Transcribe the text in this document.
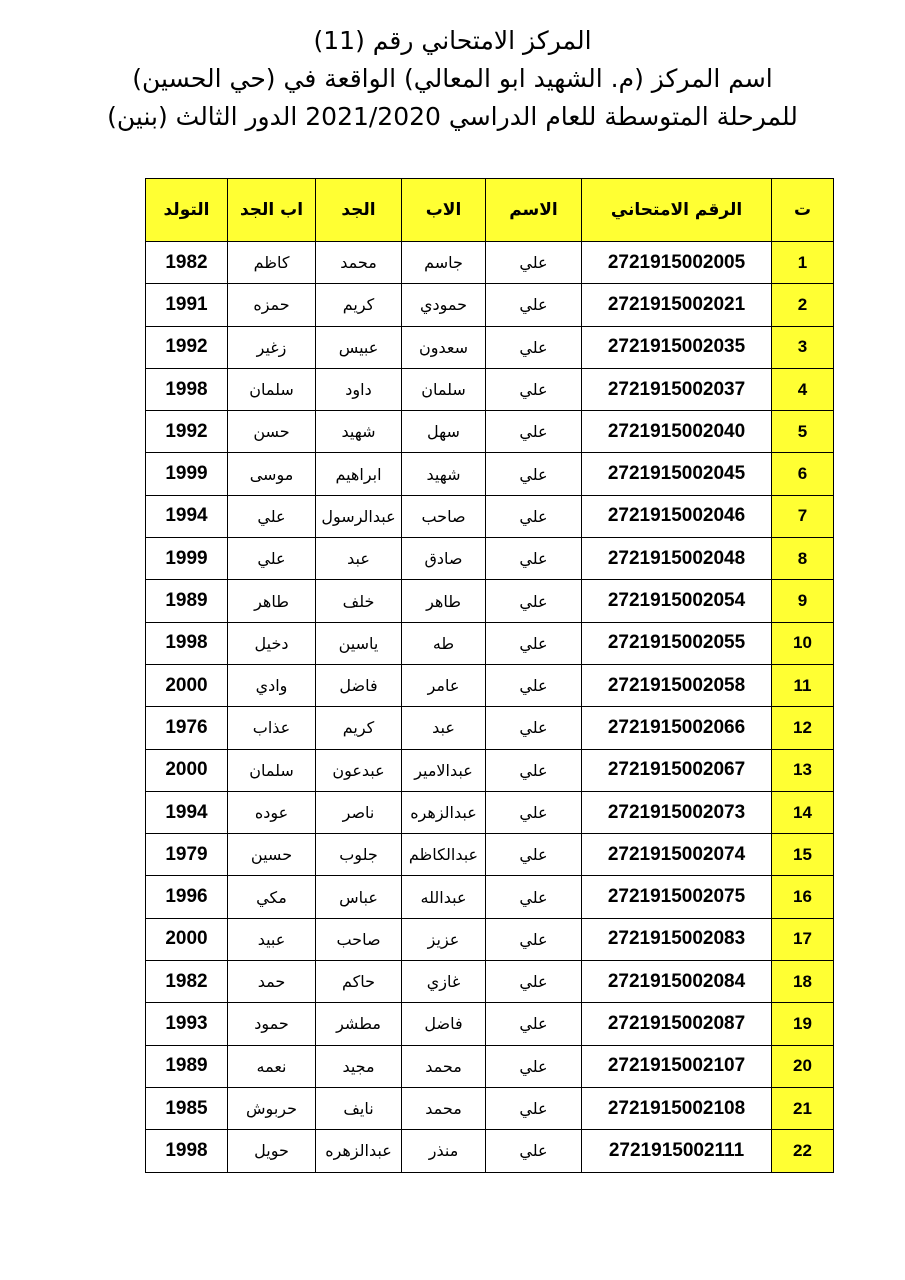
المركز الامتحاني رقم (11)
اسم المركز (م. الشهيد ابو المعالي) الواقعة في (حي الحسين)
للمرحلة المتوسطة للعام الدراسي 2021/2020 الدور الثالث (بنين)
ت	الرقم الامتحاني	الاسم	الاب	الجد	اب الجد	التولد
1	2721915002005	علي	جاسم	محمد	كاظم	1982
2	2721915002021	علي	حمودي	كريم	حمزه	1991
3	2721915002035	علي	سعدون	عبيس	زغير	1992
4	2721915002037	علي	سلمان	داود	سلمان	1998
5	2721915002040	علي	سهل	شهيد	حسن	1992
6	2721915002045	علي	شهيد	ابراهيم	موسى	1999
7	2721915002046	علي	صاحب	عبدالرسول	علي	1994
8	2721915002048	علي	صادق	عبد	علي	1999
9	2721915002054	علي	طاهر	خلف	طاهر	1989
10	2721915002055	علي	طه	ياسين	دخيل	1998
11	2721915002058	علي	عامر	فاضل	وادي	2000
12	2721915002066	علي	عبد	كريم	عذاب	1976
13	2721915002067	علي	عبدالامير	عبدعون	سلمان	2000
14	2721915002073	علي	عبدالزهره	ناصر	عوده	1994
15	2721915002074	علي	عبدالكاظم	جلوب	حسين	1979
16	2721915002075	علي	عبدالله	عباس	مكي	1996
17	2721915002083	علي	عزيز	صاحب	عبيد	2000
18	2721915002084	علي	غازي	حاكم	حمد	1982
19	2721915002087	علي	فاضل	مطشر	حمود	1993
20	2721915002107	علي	محمد	مجيد	نعمه	1989
21	2721915002108	علي	محمد	نايف	حربوش	1985
22	2721915002111	علي	منذر	عبدالزهره	حويل	1998
